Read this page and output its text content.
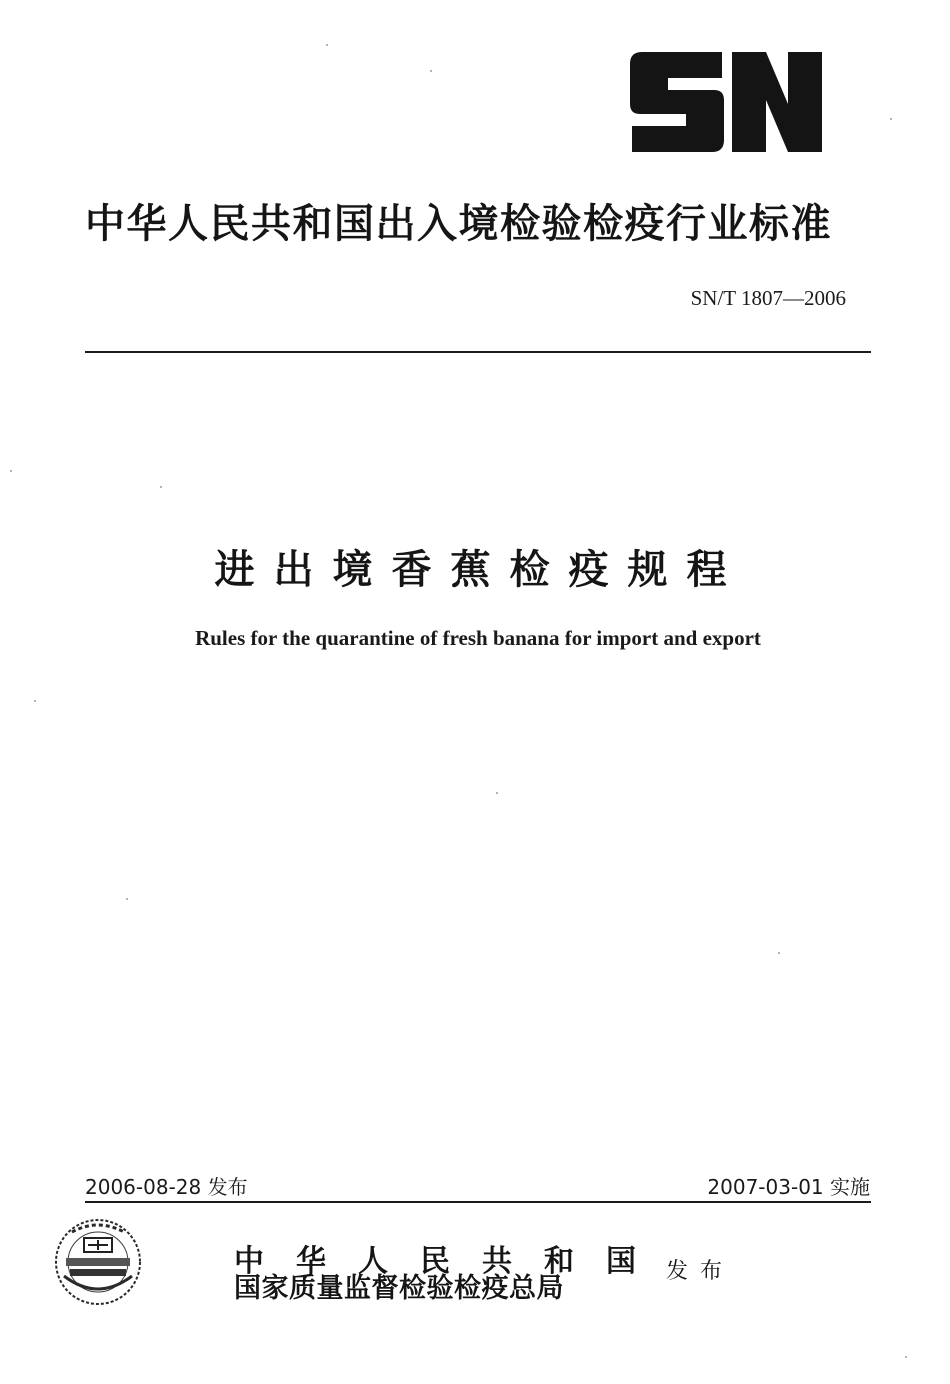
中华人民共和国出入境检验检疫行业标准
SN/T 1807—2006
进出境香蕉检疫规程
Rules for the quarantine of fresh banana for import and export
2006-08-28 发布	2007-03-01 实施
中华人民共和国
国家质量监督检验检疫总局
发布
